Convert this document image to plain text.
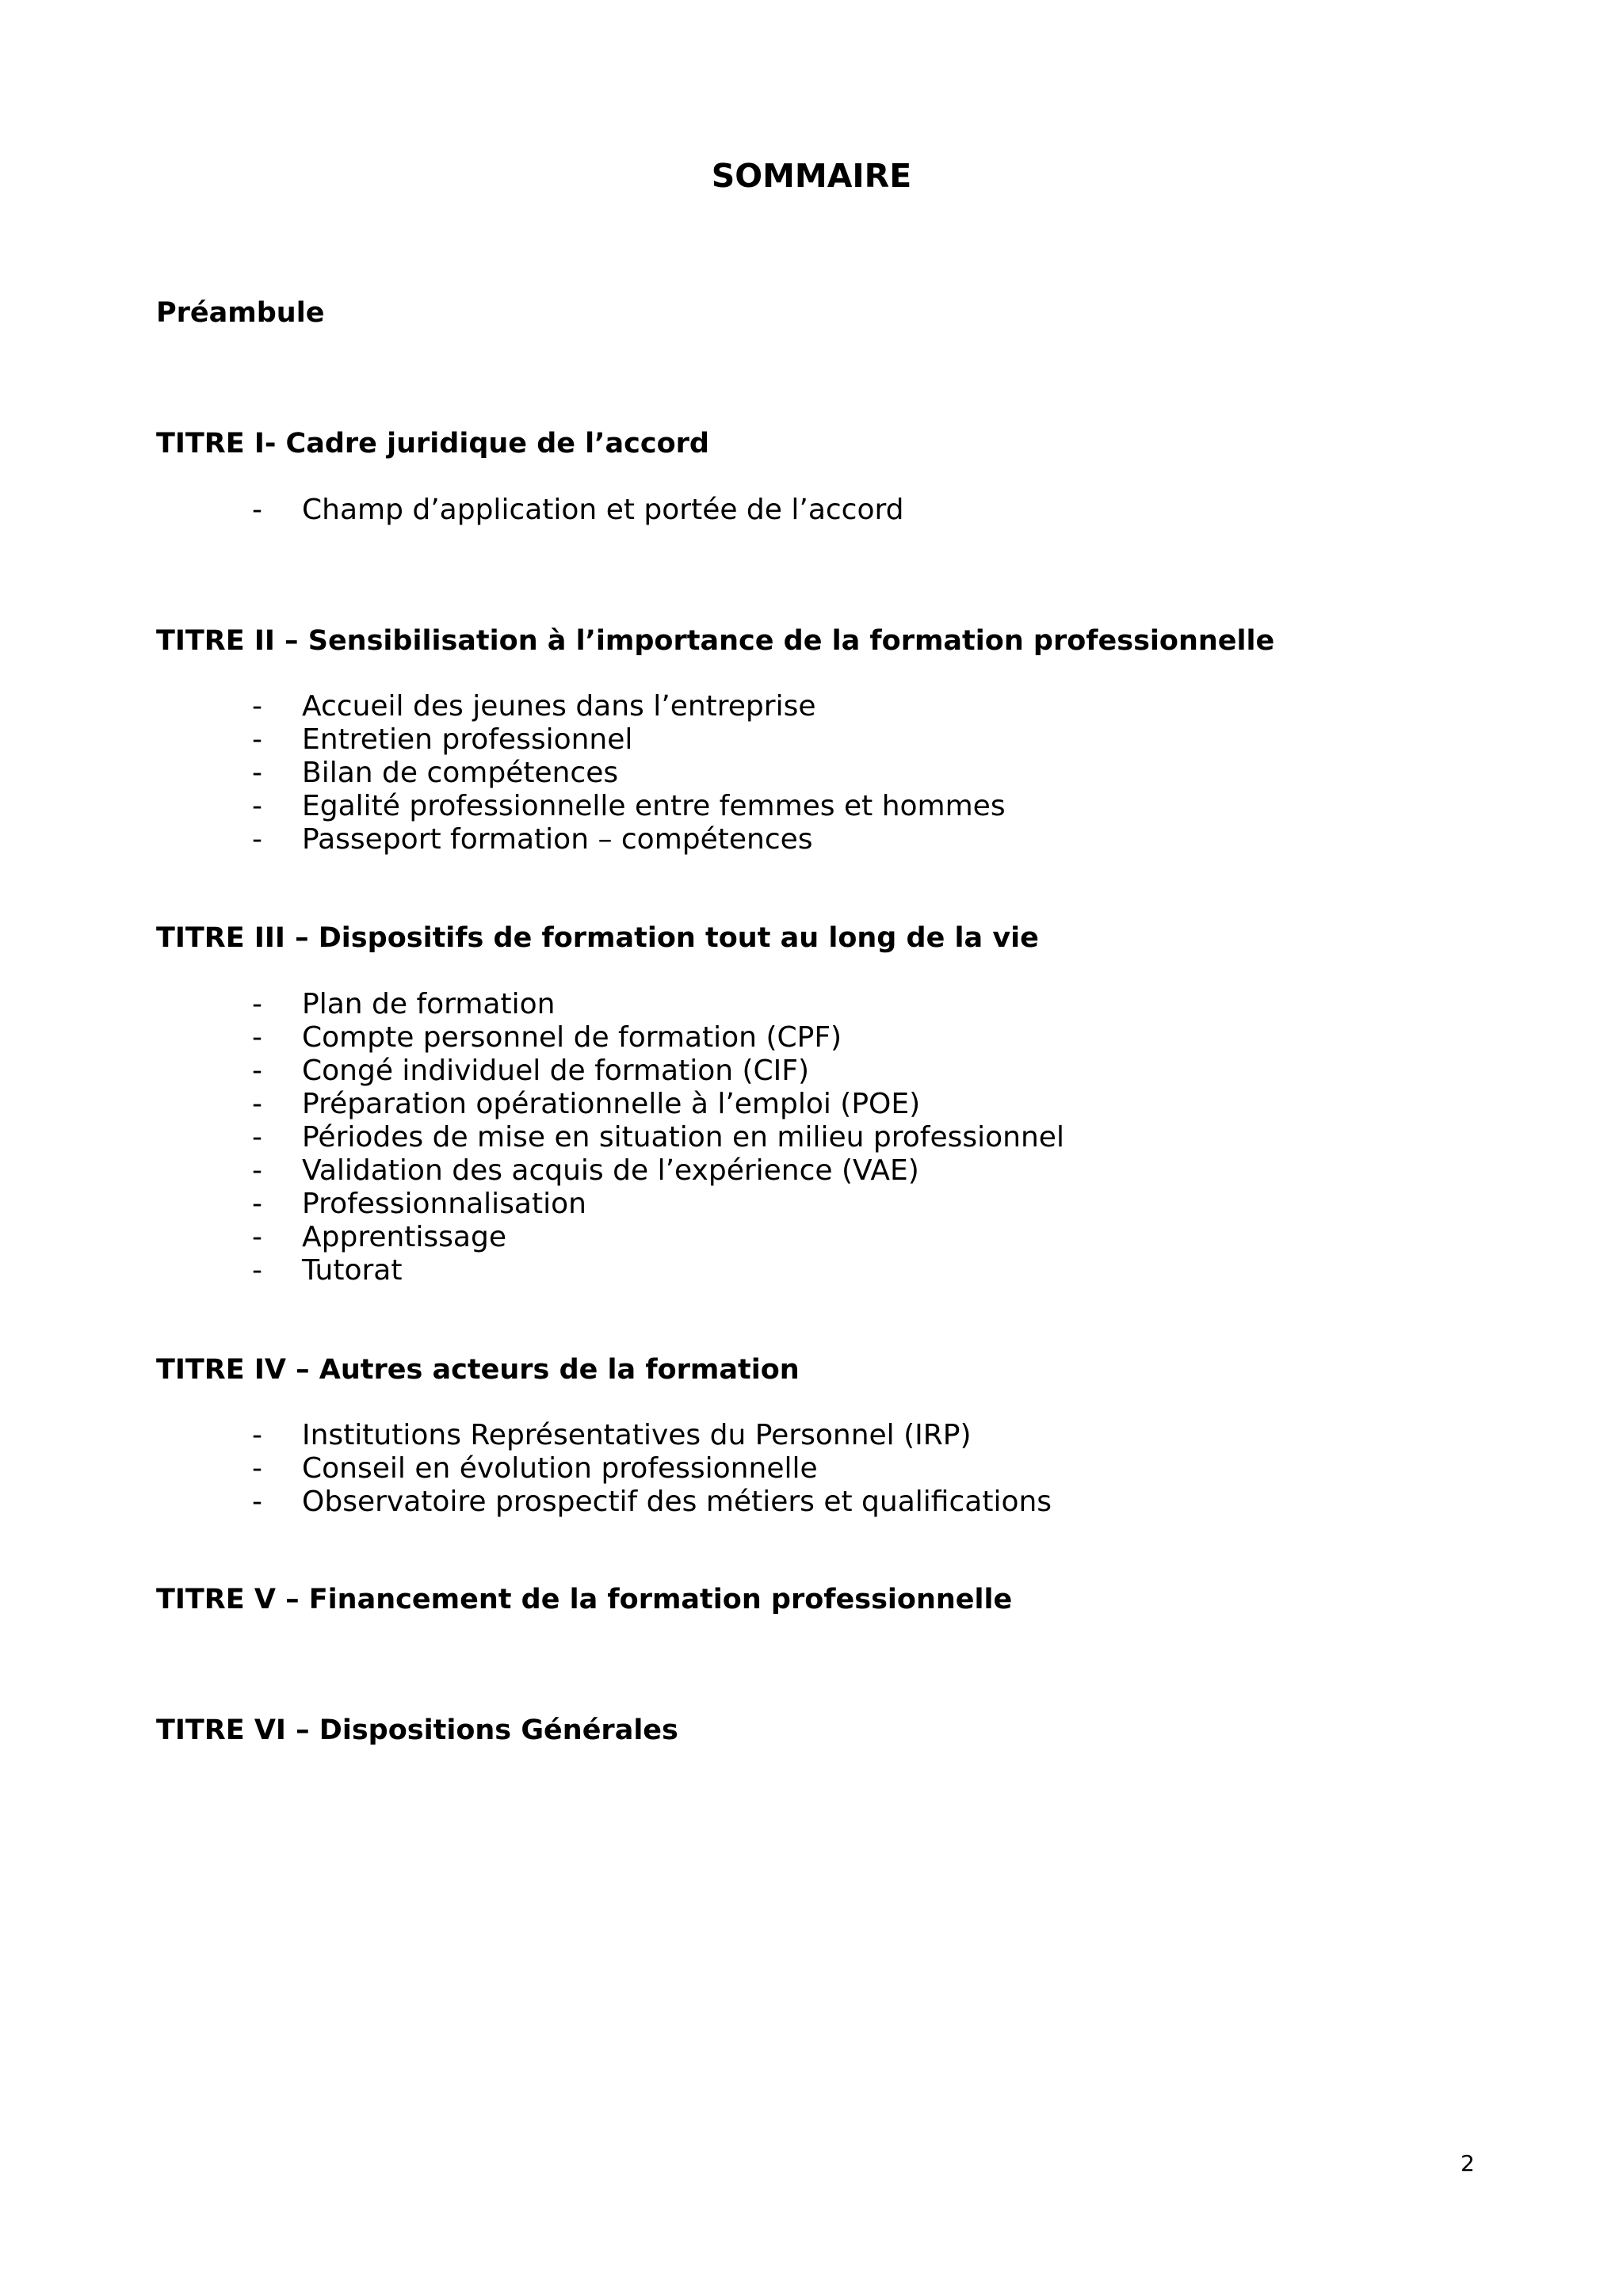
SOMMAIRE
Préambule
TITRE I- Cadre juridique de l’accord
- Champ d’application et portée de l’accord
TITRE II – Sensibilisation à l’importance de la formation professionnelle
- Accueil des jeunes dans l’entreprise
- Entretien professionnel
- Bilan de compétences
- Egalité professionnelle entre femmes et hommes
- Passeport formation – compétences
TITRE III – Dispositifs de formation tout au long de la vie
- Plan de formation
- Compte personnel de formation (CPF)
- Congé individuel de formation (CIF)
- Préparation opérationnelle à l’emploi (POE)
- Périodes de mise en situation en milieu professionnel
- Validation des acquis de l’expérience (VAE)
- Professionnalisation
- Apprentissage
- Tutorat
TITRE IV – Autres acteurs de la formation
- Institutions Représentatives du Personnel (IRP)
- Conseil en évolution professionnelle
- Observatoire prospectif des métiers et qualifications
TITRE V – Financement de la formation professionnelle
TITRE VI – Dispositions Générales
2
